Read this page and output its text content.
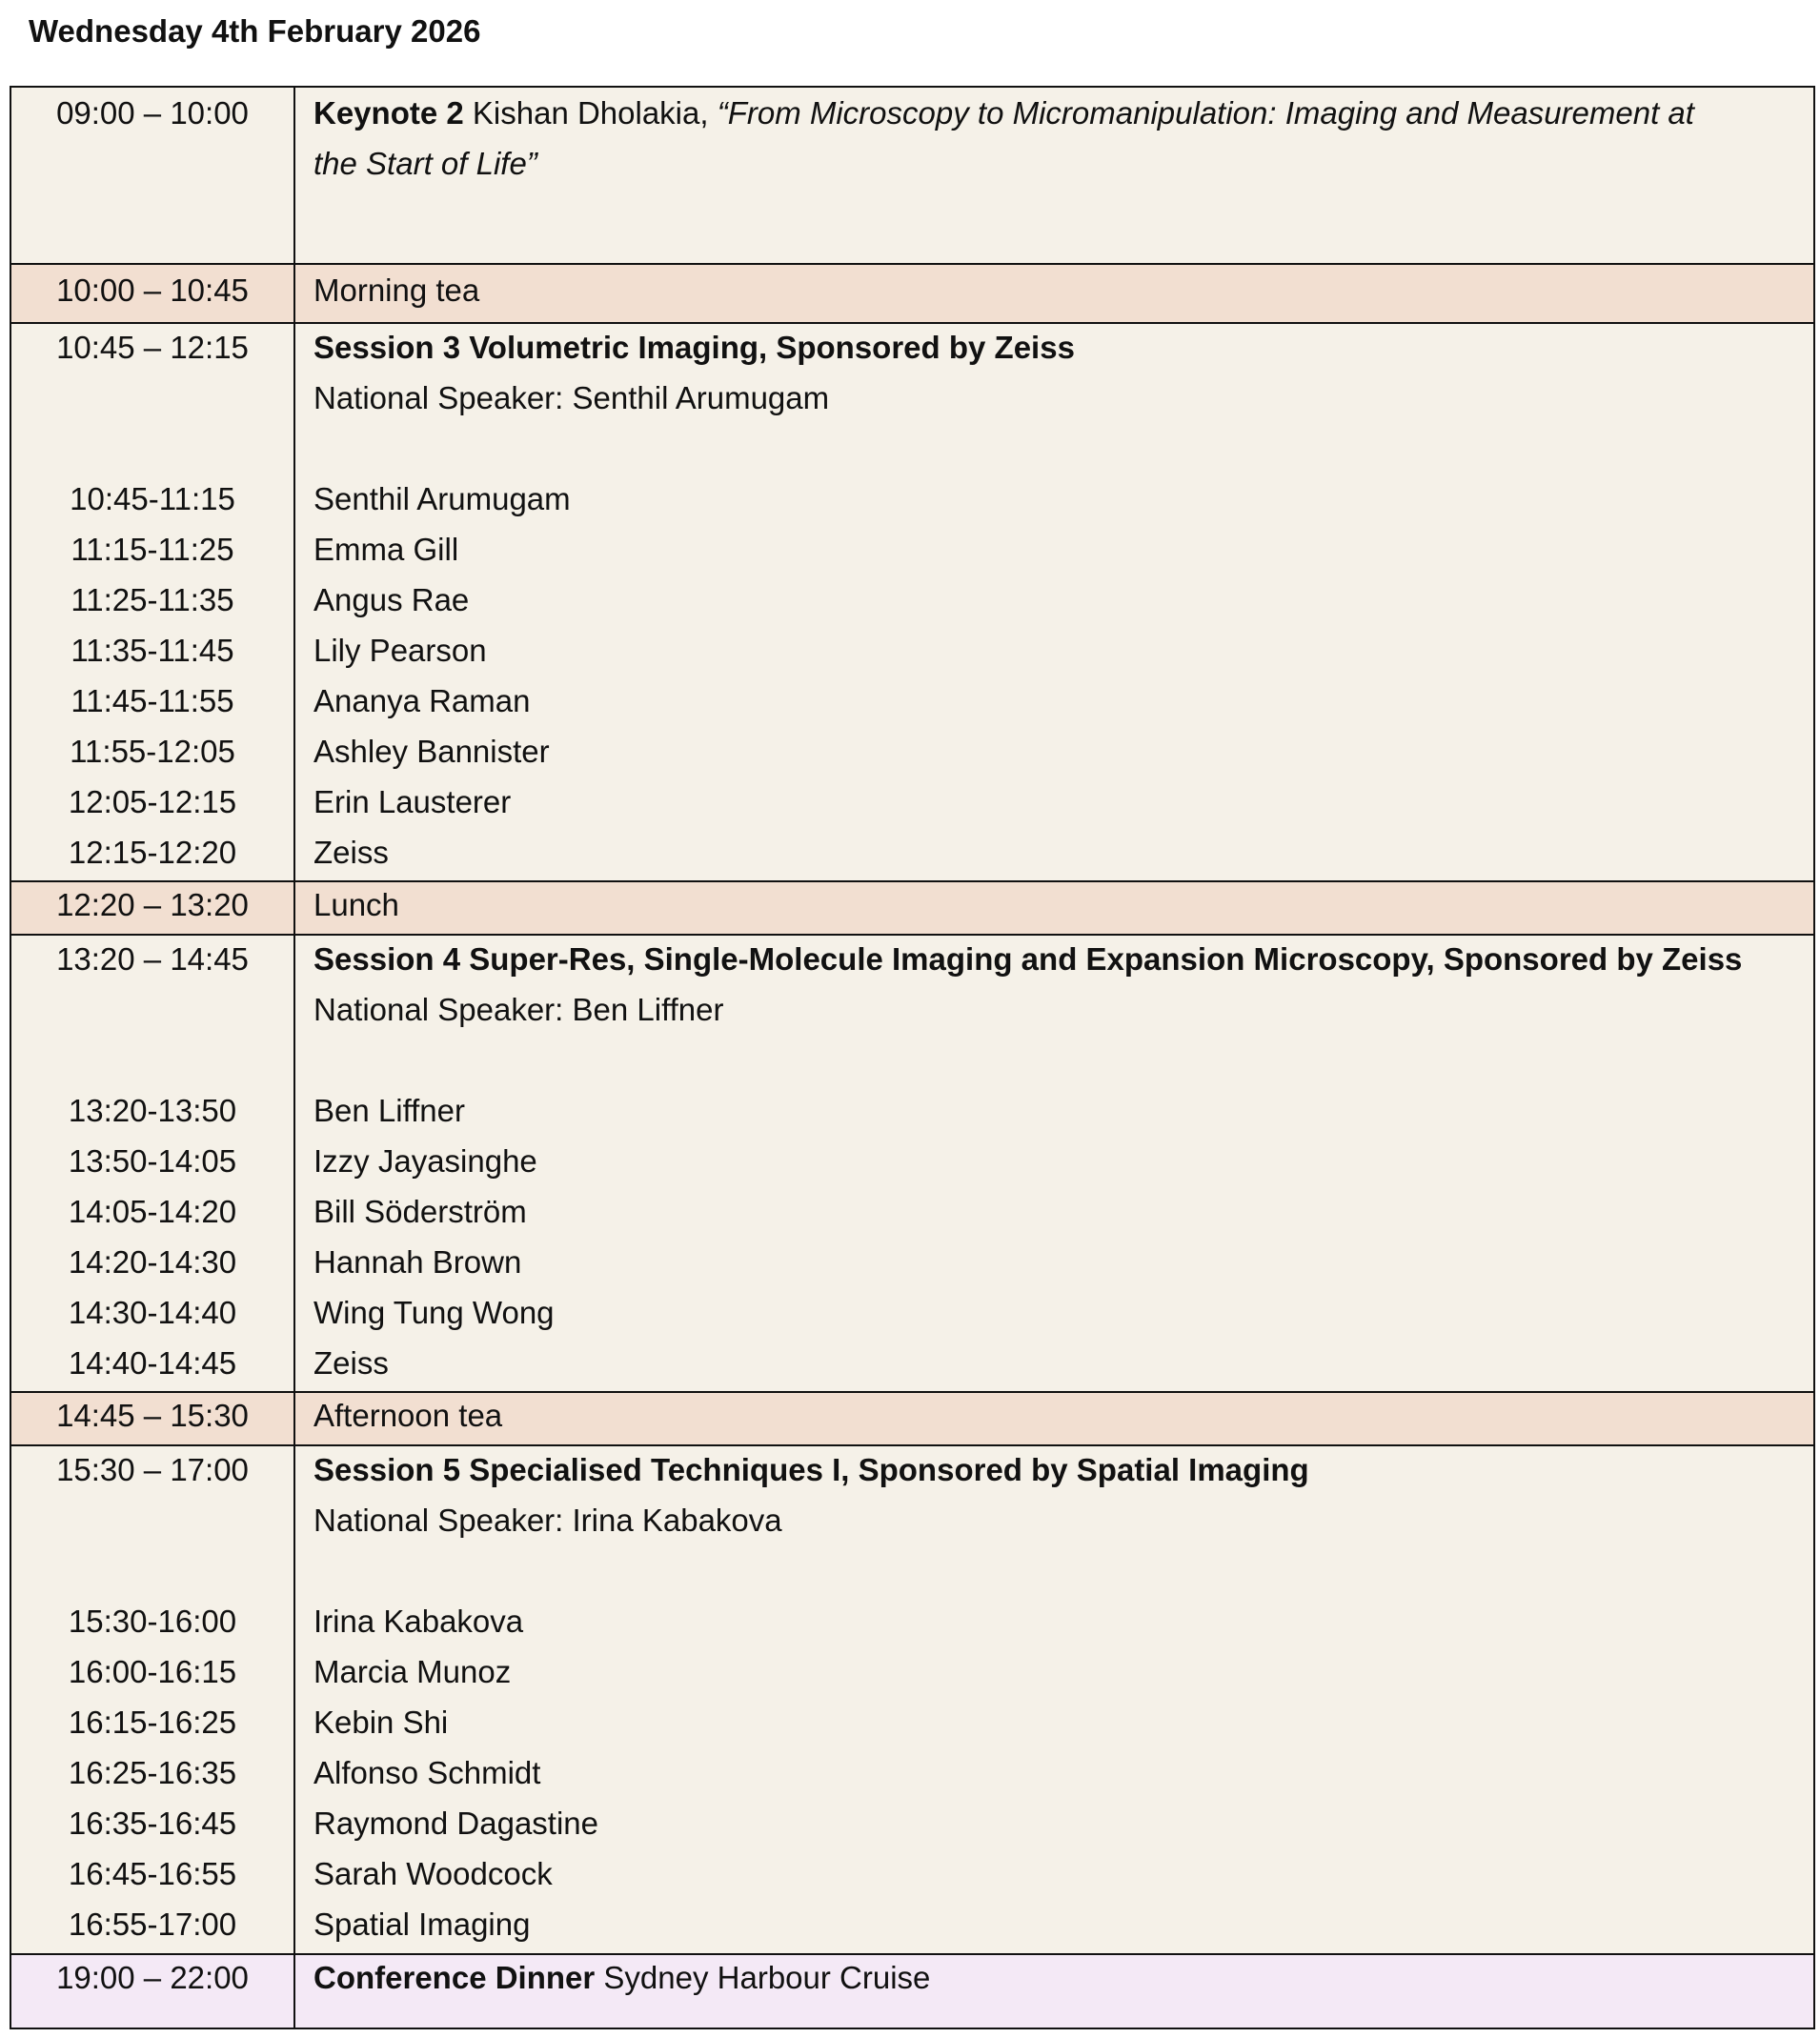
Wednesday 4th February 2026
09:00 – 10:00	Keynote 2 Kishan Dholakia, “From Microscopy to Micromanipulation: Imaging and Measurement at
the Start of Life”
10:00 – 10:45	Morning tea
10:45 – 12:15	Session 3 Volumetric Imaging, Sponsored by Zeiss
National Speaker: Senthil Arumugam
10:45-11:15	Senthil Arumugam
11:15-11:25	Emma Gill
11:25-11:35	Angus Rae
11:35-11:45	Lily Pearson
11:45-11:55	Ananya Raman
11:55-12:05	Ashley Bannister
12:05-12:15	Erin Lausterer
12:15-12:20	Zeiss
12:20 – 13:20	Lunch
13:20 – 14:45	Session 4 Super-Res, Single-Molecule Imaging and Expansion Microscopy, Sponsored by Zeiss
National Speaker: Ben Liffner
13:20-13:50	Ben Liffner
13:50-14:05	Izzy Jayasinghe
14:05-14:20	Bill Söderström
14:20-14:30	Hannah Brown
14:30-14:40	Wing Tung Wong
14:40-14:45	Zeiss
14:45 – 15:30	Afternoon tea
15:30 – 17:00	Session 5 Specialised Techniques I, Sponsored by Spatial Imaging
National Speaker: Irina Kabakova
15:30-16:00	Irina Kabakova
16:00-16:15	Marcia Munoz
16:15-16:25	Kebin Shi
16:25-16:35	Alfonso Schmidt
16:35-16:45	Raymond Dagastine
16:45-16:55	Sarah Woodcock
16:55-17:00	Spatial Imaging
19:00 – 22:00	Conference Dinner Sydney Harbour Cruise
